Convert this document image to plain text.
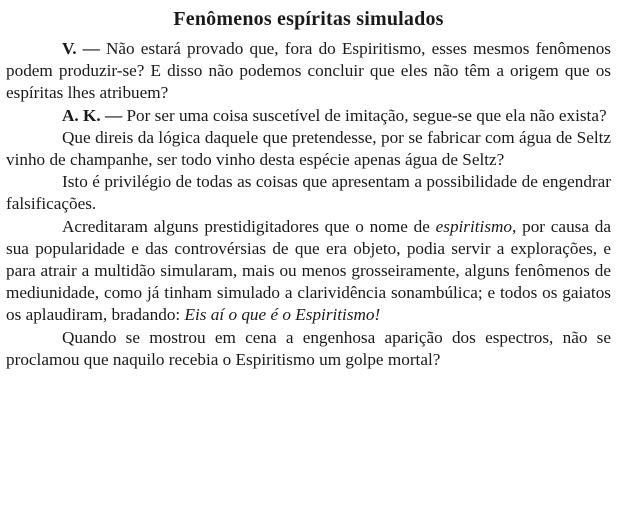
Fenômenos espíritas simulados

V. — Não estará provado que, fora do Espiritismo, esses mesmos fenômenos podem produzir-se? E disso não podemos concluir que eles não têm a origem que os espíritas lhes atribuem?

A. K. — Por ser uma coisa suscetível de imitação, segue-se que ela não exista?

Que direis da lógica daquele que pretendesse, por se fabricar com água de Seltz vinho de champanhe, ser todo vinho desta espécie apenas água de Seltz?

Isto é privilégio de todas as coisas que apresentam a possibilidade de engendrar falsificações.

Acreditaram alguns prestidigitadores que o nome de espiritismo, por causa da sua popularidade e das controvérsias de que era objeto, podia servir a explorações, e para atrair a multidão simularam, mais ou menos grosseiramente, alguns fenômenos de mediunidade, como já tinham simulado a clarividência sonambúlica; e todos os gaiatos os aplaudiram, bradando: Eis aí o que é o Espiritismo!

Quando se mostrou em cena a engenhosa aparição dos espectros, não se proclamou que naquilo recebia o Espiritismo um golpe mortal?
